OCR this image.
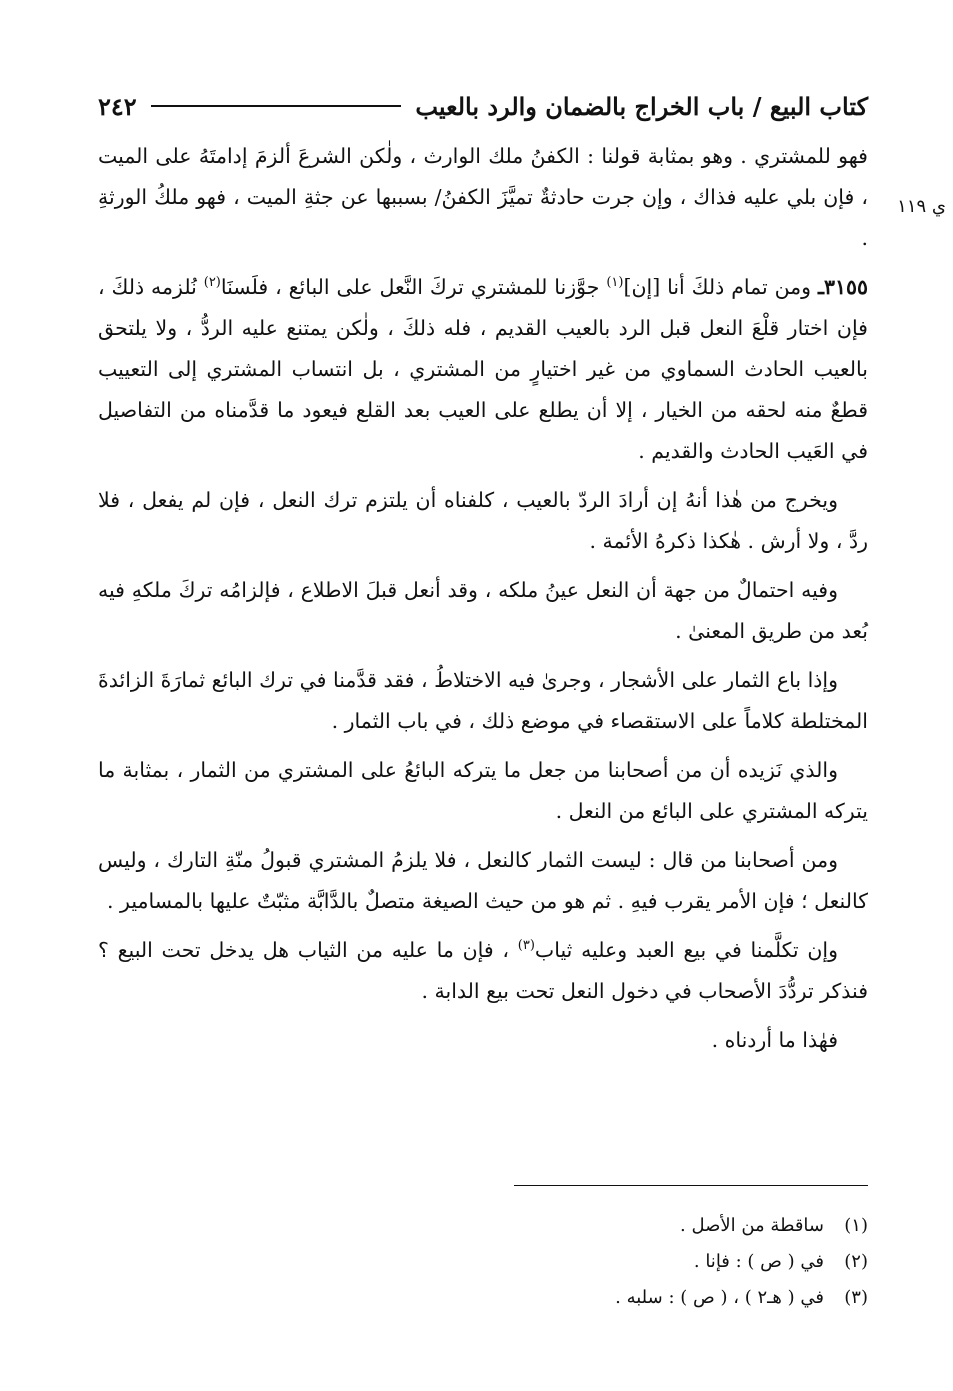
كتاب البيع / باب الخراج بالضمان والرد بالعيب
٢٤٢
ي ١١٩

فهو للمشتري . وهو بمثابة قولنا : الكفنُ ملك الوارث ، ولٰكن الشرعَ ألزمَ إدامتَهُ على الميت ، فإن بلي عليه فذاك ، وإن جرت حادثةٌ تميَّزَ الكفنُ/ بسببها عن جثةِ الميت ، فهو ملكُ الورثةِ .

٣١٥٥ـ ومن تمام ذلكَ أنا [إن]$^{(١)}$ جوَّزنا للمشتري تركَ النَّعل على البائع ، فلَسنَا$^{(٢)}$ نُلزمه ذلكَ ، فإن اختار قلْعَ النعل قبل الرد بالعيب القديم ، فله ذلكَ ، ولٰكن يمتنع عليه الردُّ ، ولا يلتحق بالعيب الحادث السماوي من غير اختيارٍ من المشتري ، بل انتساب المشتري إلى التعييب قطعٌ منه لحقه من الخيار ، إلا أن يطلع على العيب بعد القلع فيعود ما قدَّمناه من التفاصيل في العَيب الحادث والقديم .

ويخرج من هٰذا أنهُ إن أرادَ الردّ بالعيب ، كلفناه أن يلتزم ترك النعل ، فإن لم يفعل ، فلا ردَّ ، ولا أرش . هٰكذا ذكرهُ الأئمة .

وفيه احتمالٌ من جهة أن النعل عينُ ملكه ، وقد أنعل قبلَ الاطلاع ، فإلزامُه تركَ ملكهِ فيه بُعد من طريق المعنىٰ .

وإذا باع الثمار على الأشجار ، وجرىٰ فيه الاختلاطُ ، فقد قدَّمنا في ترك البائع ثمارَةَ الزائدةَ المختلطة كلاماً على الاستقصاء في موضع ذلك ، في باب الثمار .

والذي نَزيده أن من أصحابنا من جعل ما يتركه البائعُ على المشتري من الثمار ، بمثابة ما يتركه المشتري على البائع من النعل .

ومن أصحابنا من قال : ليست الثمار كالنعل ، فلا يلزمُ المشتري قبولُ منّةِ التارك ، وليس كالنعل ؛ فإن الأمر يقرب فيهِ . ثم هو من حيث الصيغة متصلٌ بالدَّابَّة مثبّتٌ عليها بالمسامير .

وإن تكلَّمنا في بيع العبد وعليه ثياب$^{(٣)}$ ، فإن ما عليه من الثياب هل يدخل تحت البيع ؟ فنذكر تردُّدَ الأصحاب في دخول النعل تحت بيع الدابة .

فهٰذا ما أردناه .

(١)
ساقطة من الأصل .
(٢)
في ( ص ) : فإنا .
(٣)
في ( هـ٢ ) ، ( ص ) : سلبه .
